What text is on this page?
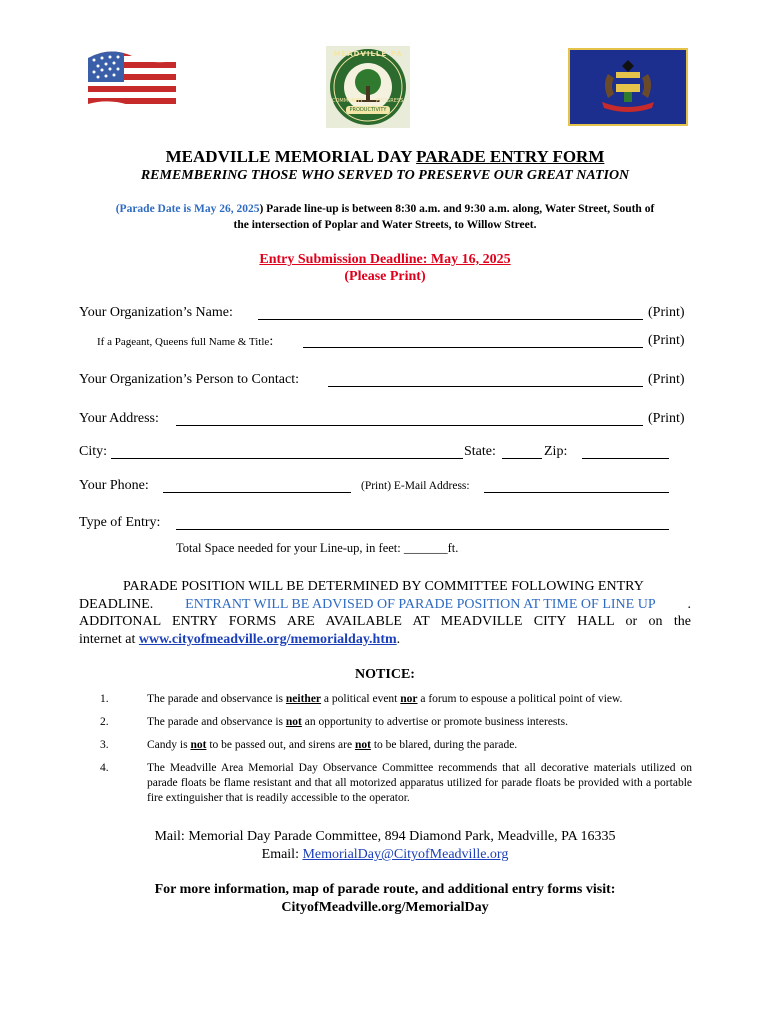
MEADVILLE PA
COMMUNITY	PROGRESS
PRODUCTIVITY
MEADVILLE MEMORIAL DAY PARADE ENTRY FORM
REMEMBERING THOSE WHO SERVED TO PRESERVE OUR GREAT NATION
(Parade Date is May 26, 2025) Parade line-up is between 8:30 a.m. and 9:30 a.m. along, Water Street, South of
the intersection of Poplar and Water Streets, to Willow Street.
Entry Submission Deadline: May 16, 2025
(Please Print)
Your Organization’s Name:	(Print)
If a Pageant, Queens full Name & Title:	(Print)
Your Organization’s Person to Contact:	(Print)
Your Address:	(Print)
City:	State:	Zip:
Your Phone:	(Print) E-Mail Address:
Type of Entry:
Total Space needed for your Line-up, in feet: _______ft.
PARADE POSITION WILL BE DETERMINED BY COMMITTEE FOLLOWING ENTRY
DEADLINE. ENTRANT WILL BE ADVISED OF PARADE POSITION AT TIME OF LINE UP .
ADDITONAL ENTRY FORMS ARE AVAILABLE AT MEADVILLE CITY HALL or on the
internet at www.cityofmeadville.org/memorialday.htm.
NOTICE:
1.	The parade and observance is neither a political event nor a forum to espouse a political point of view.
2.	The parade and observance is not an opportunity to advertise or promote business interests.
3.	Candy is not to be passed out, and sirens are not to be blared, during the parade.
4.	The Meadville Area Memorial Day Observance Committee recommends that all decorative materials utilized on parade floats be flame resistant and that all motorized apparatus utilized for parade floats be provided with a portable fire extinguisher that is readily accessible to the operator.
Mail: Memorial Day Parade Committee, 894 Diamond Park, Meadville, PA 16335
Email: MemorialDay@CityofMeadville.org
For more information, map of parade route, and additional entry forms visit:
CityofMeadville.org/MemorialDay
